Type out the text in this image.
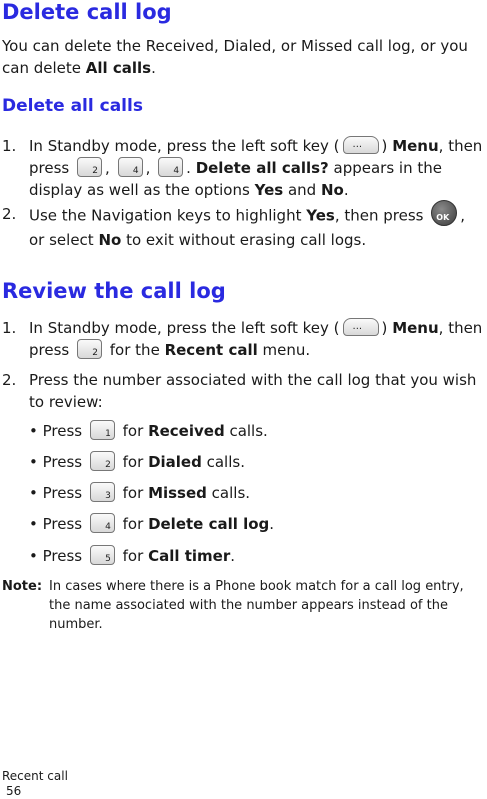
Delete call log

You can delete the Received, Dialed, or Missed call log, or you can delete All calls.

Delete all calls
1. In Standby mode, press the left soft key ( ··· ) Menu, then press	2 ,	4 ,	4 . Delete all calls? appears in the display as well as the options Yes and No.
2. Use the Navigation keys to highlight Yes, then press OK , or select No to exit without erasing call logs.
Review the call log
1. In Standby mode, press the left soft key ( ··· ) Menu, then press	2 for the Recent call menu.
2. Press the number associated with the call log that you wish to review:
• Press	1 for Received calls.
• Press	2 for Dialed calls.
• Press	3 for Missed calls.
• Press	4 for Delete call log.
• Press	5 for Call timer.
Note: In cases where there is a Phone book match for a call log entry, the name associated with the number appears instead of the number.
Recent call
56
